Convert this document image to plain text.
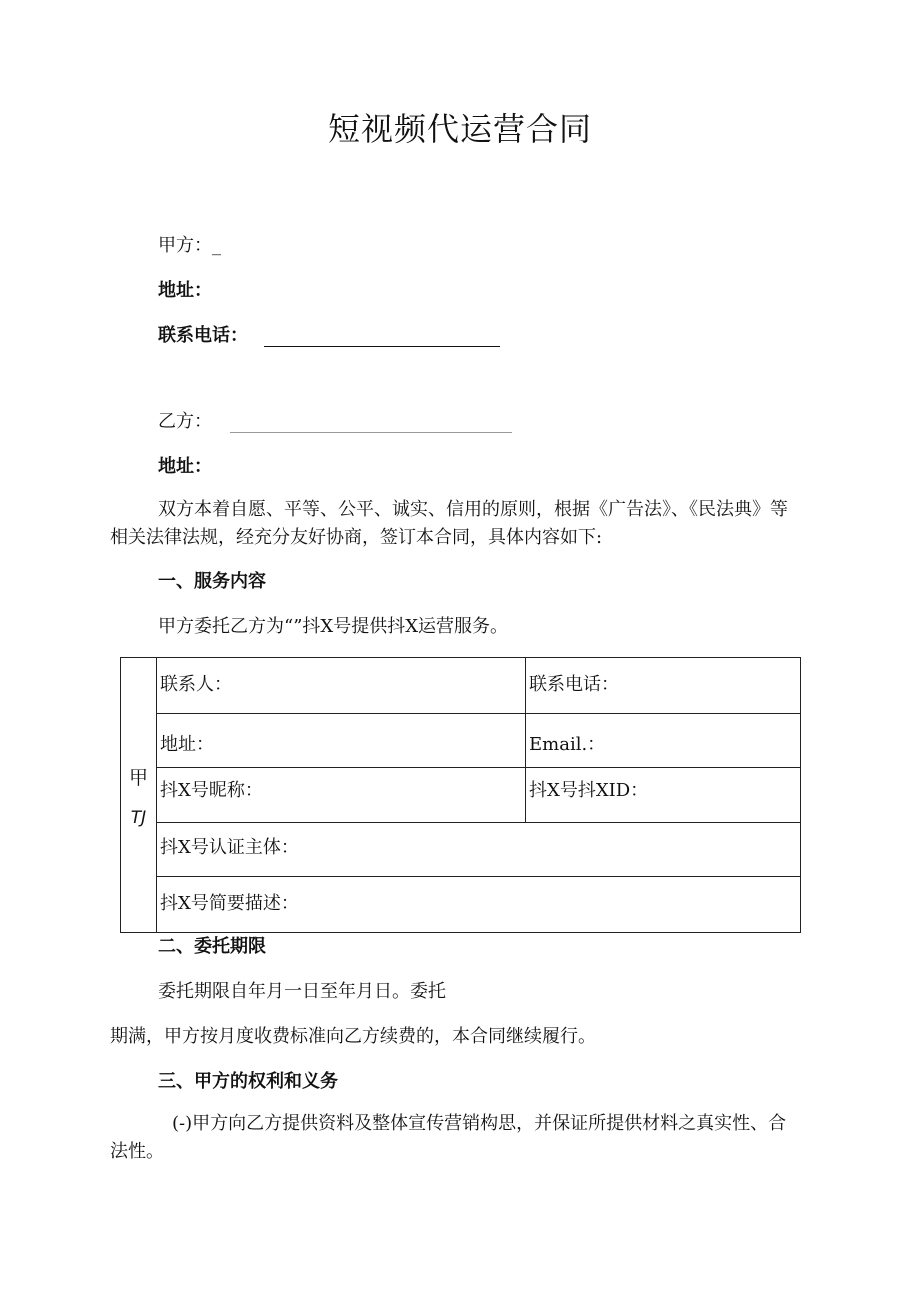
短视频代运营合同
甲方：_
地址：
联系电话：
乙方：
地址：
双方本着自愿、平等、公平、诚实、信用的原则，根据《广告法》、《民法典》等相关法律法规，经充分友好协商，签订本合同，具体内容如下:
一、服务内容
甲方委托乙方为“”抖X号提供抖X运营服务。
甲
TJ	联系人：	联系电话：
	地址：	Email.：
	抖X号昵称：	抖X号抖XID：
	抖X号认证主体：	
	抖X号简要描述：	
二、委托期限
委托期限自年月一日至年月日。委托
期满，甲方按月度收费标准向乙方续费的，本合同继续履行。
三、甲方的权利和义务
(-)甲方向乙方提供资料及整体宣传营销构思，并保证所提供材料之真实性、合法性。
